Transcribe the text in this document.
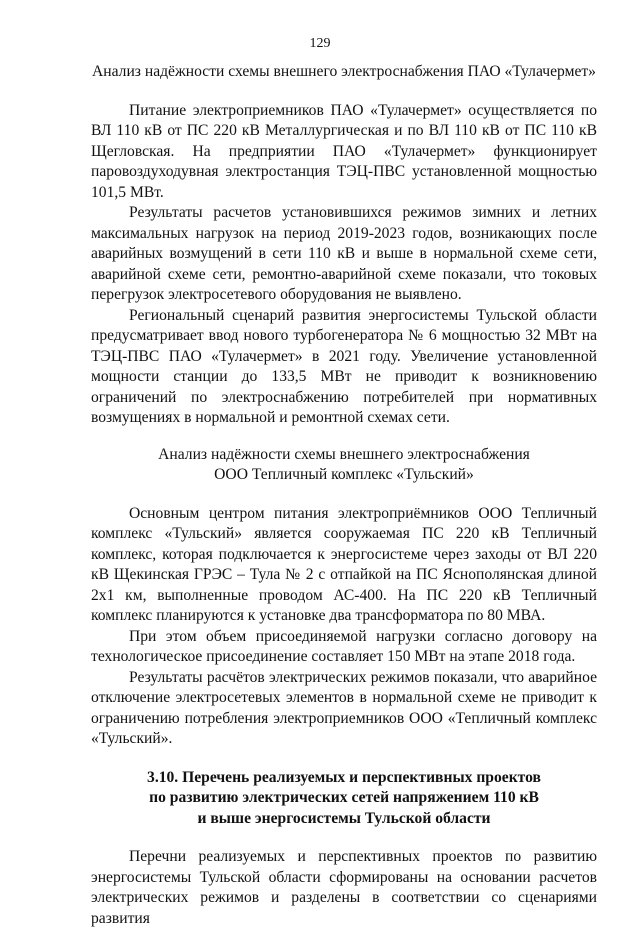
129

Анализ надёжности схемы внешнего электроснабжения ПАО «Тулачермет»

Питание электроприемников ПАО «Тулачермет» осуществляется по ВЛ 110 кВ от ПС 220 кВ Металлургическая и по ВЛ 110 кВ от ПС 110 кВ Щегловская. На предприятии ПАО «Тулачермет» функционирует паровоздуходувная электростанция ТЭЦ-ПВС установленной мощностью 101,5 МВт.

Результаты расчетов установившихся режимов зимних и летних максимальных нагрузок на период 2019-2023 годов, возникающих после аварийных возмущений в сети 110 кВ и выше в нормальной схеме сети, аварийной схеме сети, ремонтно-аварийной схеме показали, что токовых перегрузок электросетевого оборудования не выявлено.

Региональный сценарий развития энергосистемы Тульской области предусматривает ввод нового турбогенератора № 6 мощностью 32 МВт на ТЭЦ-ПВС ПАО «Тулачермет» в 2021 году. Увеличение установленной мощности станции до 133,5 МВт не приводит к возникновению ограничений по электроснабжению потребителей при нормативных возмущениях в нормальной и ремонтной схемах сети.

Анализ надёжности схемы внешнего электроснабжения
ООО Тепличный комплекс «Тульский»

Основным центром питания электроприёмников ООО Тепличный комплекс «Тульский» является сооружаемая ПС 220 кВ Тепличный комплекс, которая подключается к энергосистеме через заходы от ВЛ 220 кВ Щекинская ГРЭС – Тула № 2 с отпайкой на ПС Яснополянская длиной 2х1 км, выполненные проводом АС-400. На ПС 220 кВ Тепличный комплекс планируются к установке два трансформатора по 80 МВА.

При этом объем присоединяемой нагрузки согласно договору на технологическое присоединение составляет 150 МВт на этапе 2018 года.

Результаты расчётов электрических режимов показали, что аварийное отключение электросетевых элементов в нормальной схеме не приводит к ограничению потребления электроприемников ООО «Тепличный комплекс «Тульский».

3.10. Перечень реализуемых и перспективных проектов
по развитию электрических сетей напряжением 110 кВ
и выше энергосистемы Тульской области

Перечни реализуемых и перспективных проектов по развитию энергосистемы Тульской области сформированы на основании расчетов электрических режимов и разделены в соответствии со сценариями развития
